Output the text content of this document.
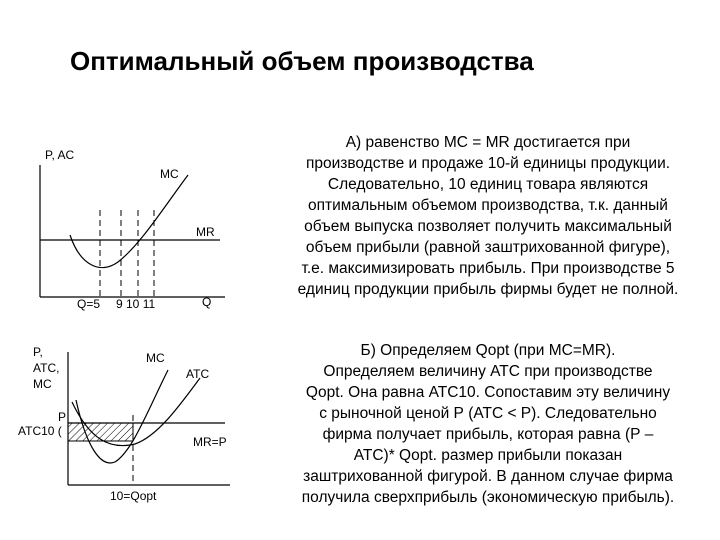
Оптимальный объем производства
P, AC
MC
MR
Q
Q=5 9 10 11
P,
ATC,
MC
MC
ATC
P
ATC10 (
MR=P
10=Qopt
А) равенство МС = МR достигается при
производстве и продаже 10-й единицы продукции.
Следовательно, 10 единиц товара являются
оптимальным объемом производства, т.к. данный
объем выпуска позволяет получить максимальный
объем прибыли (равной заштрихованной фигуре),
т.е. максимизировать прибыль. При производстве 5
единиц продукции прибыль фирмы будет не полной.
Б) Определяем Qopt (при МС=МR).
Определяем величину АТС при производстве
Qopt. Она равна АТС10. Сопоставим эту величину
с рыночной ценой Р (АТС < Р). Следовательно
фирма получает прибыль, которая равна (Р –
АТС)* Qopt. размер прибыли показан
заштрихованной фигурой. В данном случае фирма
получила сверхприбыль (экономическую прибыль).
